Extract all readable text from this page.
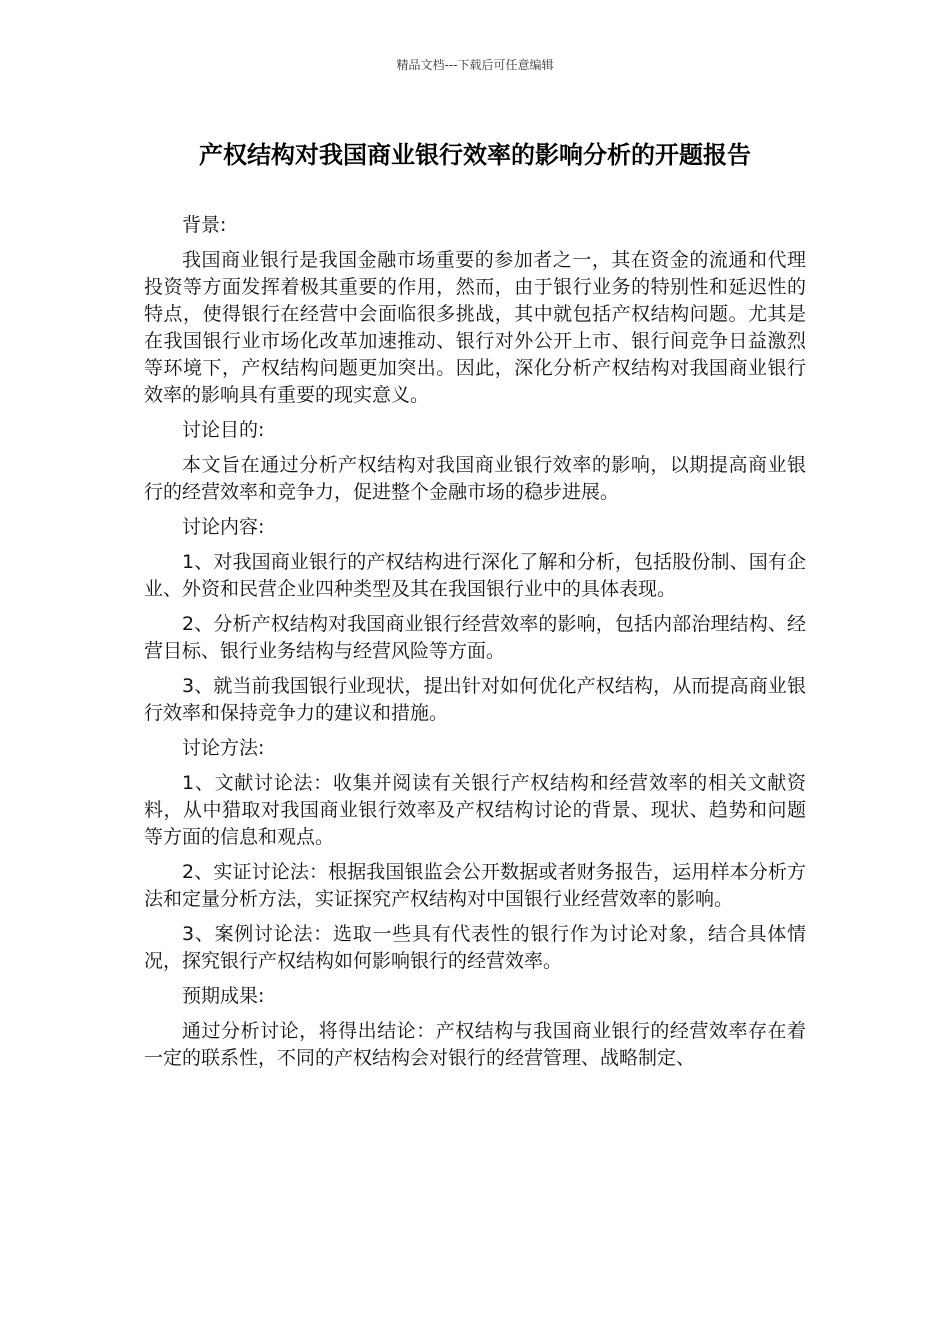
精品文档---下载后可任意编辑
产权结构对我国商业银行效率的影响分析的开题报告

背景:

我国商业银行是我国金融市场重要的参加者之一，其在资金的流通和代理投资等方面发挥着极其重要的作用，然而，由于银行业务的特别性和延迟性的特点，使得银行在经营中会面临很多挑战，其中就包括产权结构问题。尤其是在我国银行业市场化改革加速推动、银行对外公开上市、银行间竞争日益激烈等环境下，产权结构问题更加突出。因此，深化分析产权结构对我国商业银行效率的影响具有重要的现实意义。

讨论目的:

本文旨在通过分析产权结构对我国商业银行效率的影响，以期提高商业银行的经营效率和竞争力，促进整个金融市场的稳步进展。

讨论内容:

1、对我国商业银行的产权结构进行深化了解和分析，包括股份制、国有企业、外资和民营企业四种类型及其在我国银行业中的具体表现。

2、分析产权结构对我国商业银行经营效率的影响，包括内部治理结构、经营目标、银行业务结构与经营风险等方面。

3、就当前我国银行业现状，提出针对如何优化产权结构，从而提高商业银行效率和保持竞争力的建议和措施。

讨论方法:

1、文献讨论法：收集并阅读有关银行产权结构和经营效率的相关文献资料，从中猎取对我国商业银行效率及产权结构讨论的背景、现状、趋势和问题等方面的信息和观点。

2、实证讨论法：根据我国银监会公开数据或者财务报告，运用样本分析方法和定量分析方法，实证探究产权结构对中国银行业经营效率的影响。

3、案例讨论法：选取一些具有代表性的银行作为讨论对象，结合具体情况，探究银行产权结构如何影响银行的经营效率。

预期成果:

通过分析讨论，将得出结论：产权结构与我国商业银行的经营效率存在着一定的联系性，不同的产权结构会对银行的经营管理、战略制定、
